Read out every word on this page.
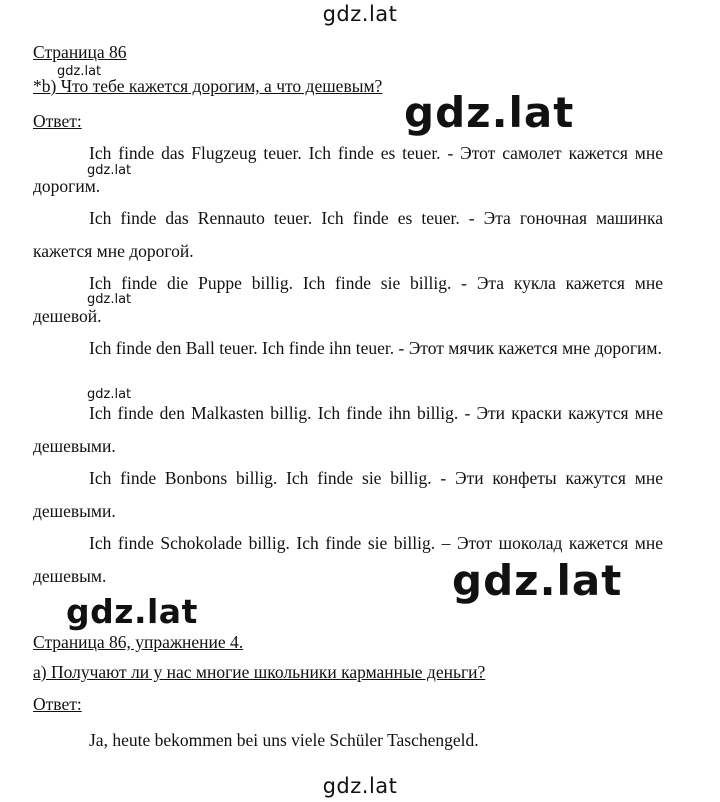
gdz.lat
Страница 86
*b) Что тебе кажется дорогим, а что дешевым?
Ответ:
Ich finde das Flugzeug teuer. Ich finde es teuer. - Этот самолет кажется мне дорогим.
Ich finde das Rennauto teuer. Ich finde es teuer. - Эта гоночная машинка кажется мне дорогой.
Ich finde die Puppe billig. Ich finde sie billig. - Эта кукла кажется мне дешевой.
Ich finde den Ball teuer. Ich finde ihn teuer. - Этот мячик кажется мне дорогим.
Ich finde den Malkasten billig. Ich finde ihn billig. - Эти краски кажутся мне дешевыми.
Ich finde Bonbons billig. Ich finde sie billig. - Эти конфеты кажутся мне дешевыми.
Ich finde Schokolade billig. Ich finde sie billig. – Этот шоколад кажется мне дешевым.
Страница 86, упражнение 4.
a) Получают ли у нас многие школьники карманные деньги?
Ответ:
Ja, heute bekommen bei uns viele Schüler Taschengeld.
gdz.lat
gdz.lat
gdz.lat
gdz.lat
gdz.lat
gdz.lat
gdz.lat
gdz.lat
